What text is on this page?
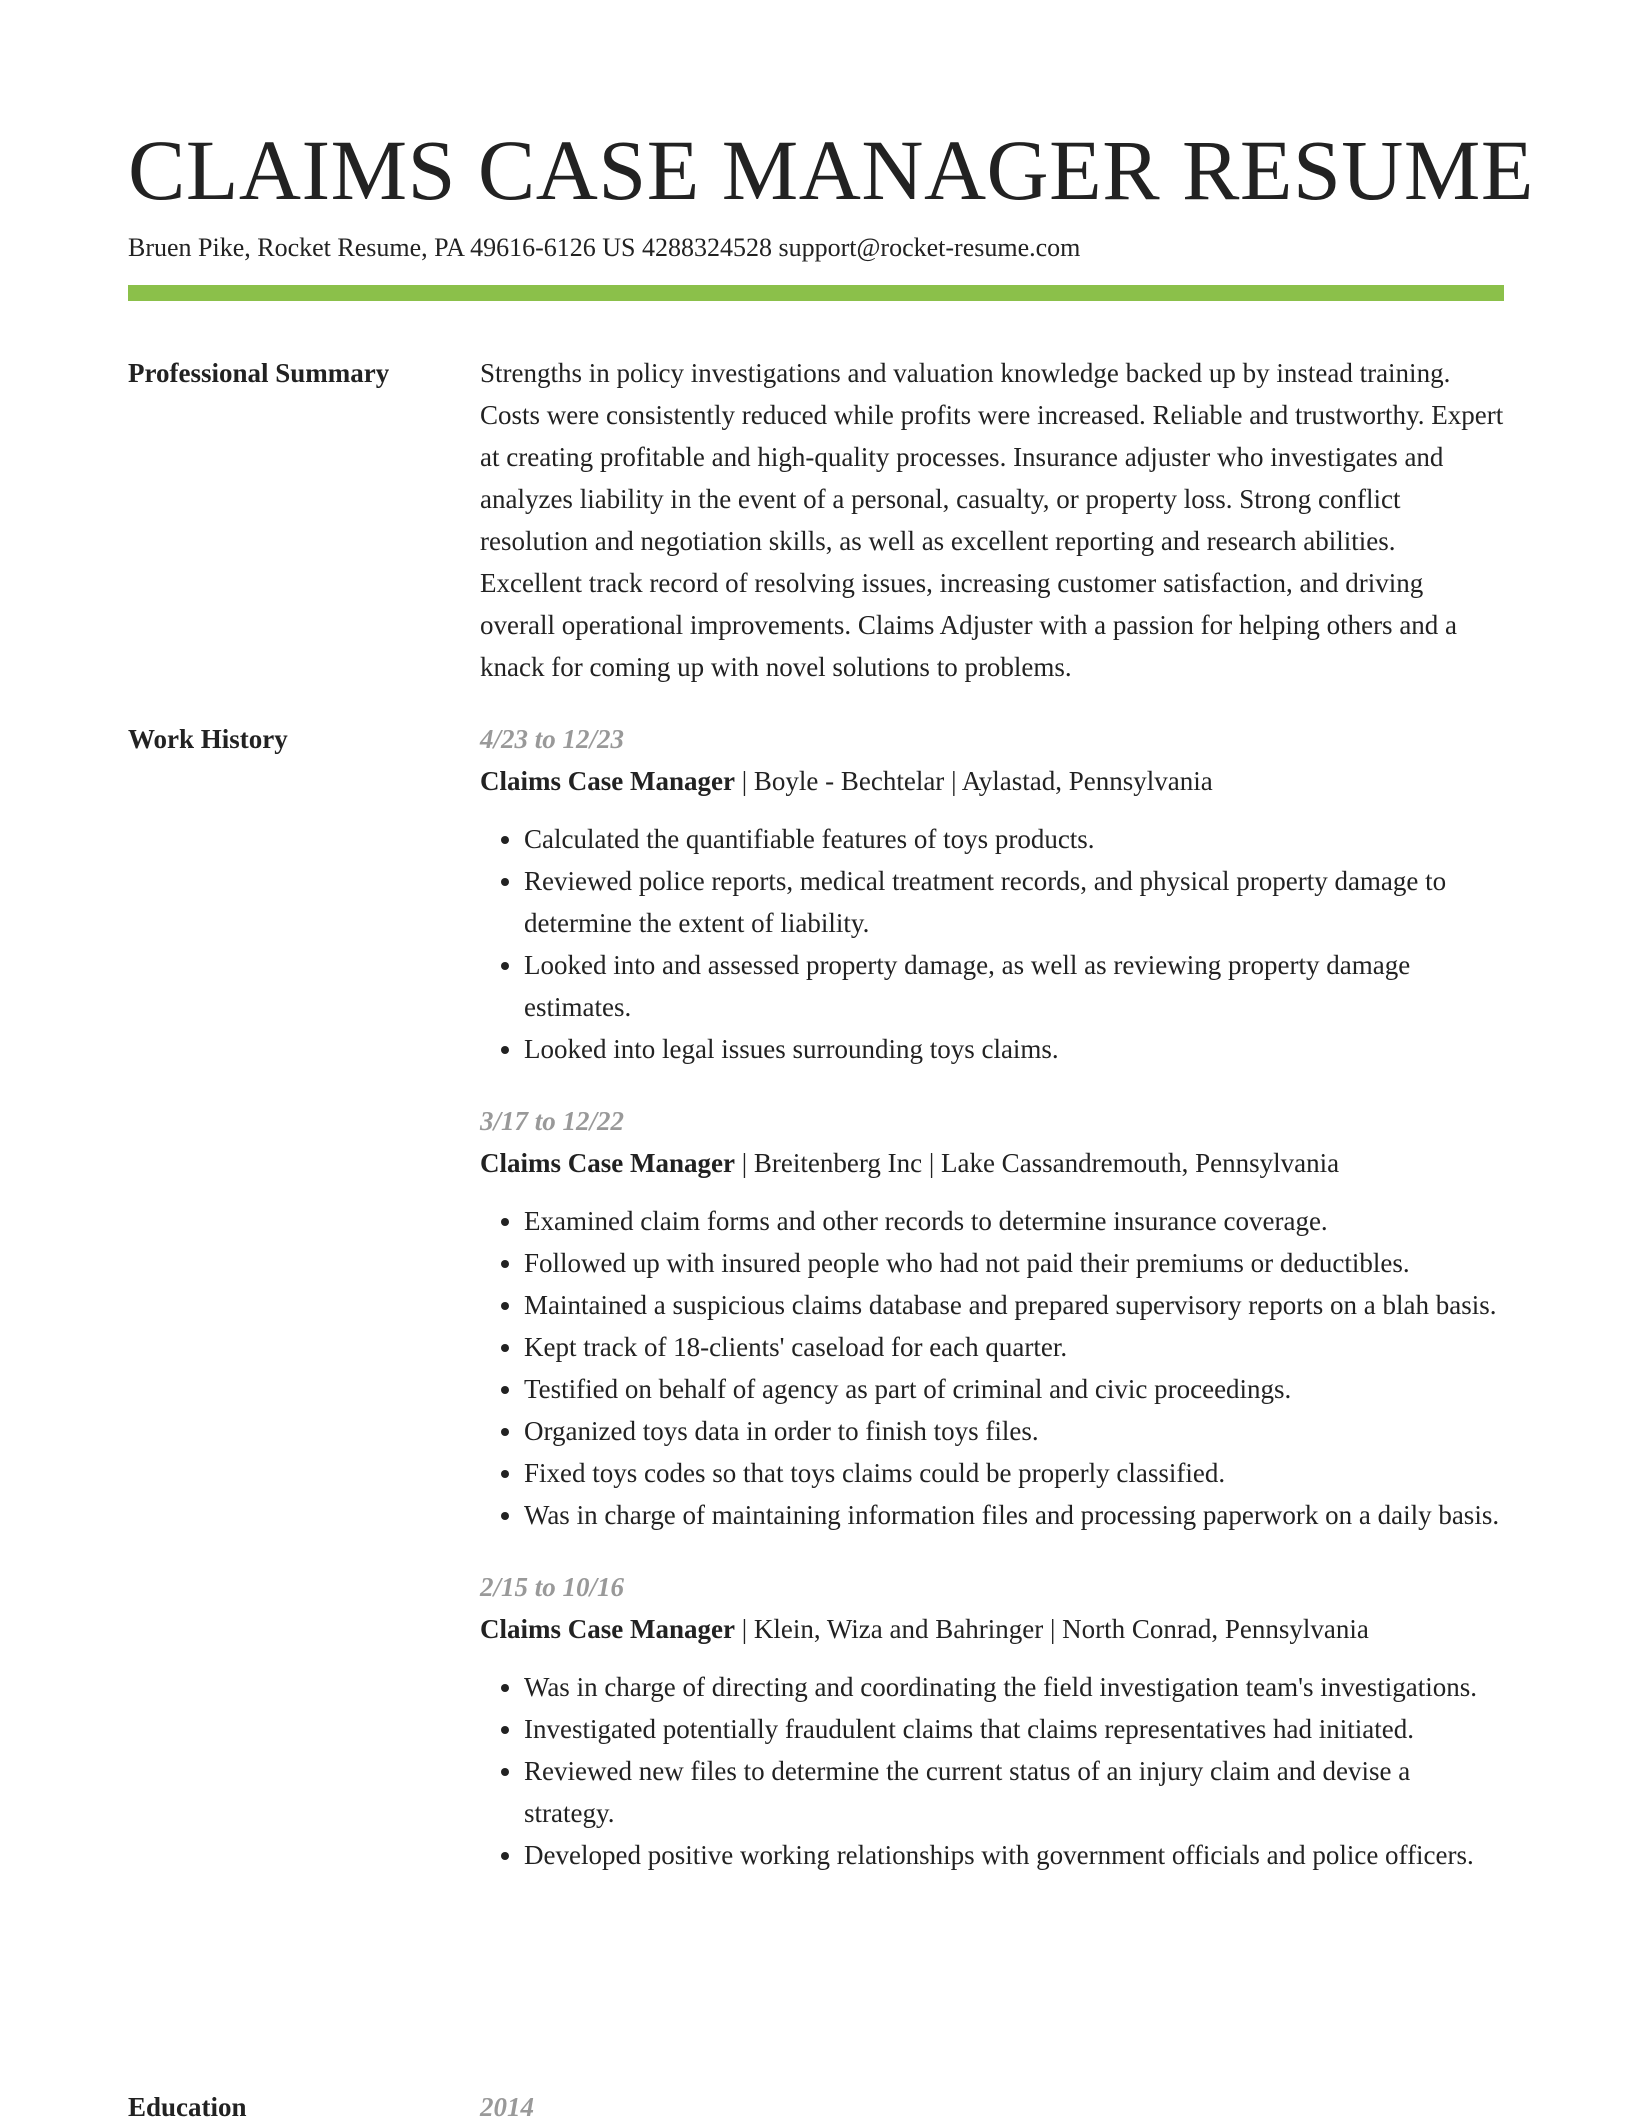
CLAIMS CASE MANAGER RESUME

Bruen Pike, Rocket Resume, PA 49616-6126 US 4288324528 support@rocket-resume.com

Professional Summary	Strengths in policy investigations and valuation knowledge backed up by instead training. Costs were consistently reduced while profits were increased. Reliable and trustworthy. Expert at creating profitable and high-quality processes. Insurance adjuster who investigates and analyzes liability in the event of a personal, casualty, or property loss. Strong conflict resolution and negotiation skills, as well as excellent reporting and research abilities. Excellent track record of resolving issues, increasing customer satisfaction, and driving overall operational improvements. Claims Adjuster with a passion for helping others and a knack for coming up with novel solutions to problems.

Work History	4/23 to 12/23

Claims Case Manager | Boyle - Bechtelar | Aylastad, Pennsylvania

• Calculated the quantifiable features of toys products.
• Reviewed police reports, medical treatment records, and physical property damage to determine the extent of liability.
• Looked into and assessed property damage, as well as reviewing property damage estimates.
• Looked into legal issues surrounding toys claims.

3/17 to 12/22

Claims Case Manager | Breitenberg Inc | Lake Cassandremouth, Pennsylvania

• Examined claim forms and other records to determine insurance coverage.
• Followed up with insured people who had not paid their premiums or deductibles.
• Maintained a suspicious claims database and prepared supervisory reports on a blah basis.
• Kept track of 18-clients' caseload for each quarter.
• Testified on behalf of agency as part of criminal and civic proceedings.
• Organized toys data in order to finish toys files.
• Fixed toys codes so that toys claims could be properly classified.
• Was in charge of maintaining information files and processing paperwork on a daily basis.

2/15 to 10/16

Claims Case Manager | Klein, Wiza and Bahringer | North Conrad, Pennsylvania

• Was in charge of directing and coordinating the field investigation team's investigations.
• Investigated potentially fraudulent claims that claims representatives had initiated.
• Reviewed new files to determine the current status of an injury claim and devise a strategy.
• Developed positive working relationships with government officials and police officers.
Education	2014
